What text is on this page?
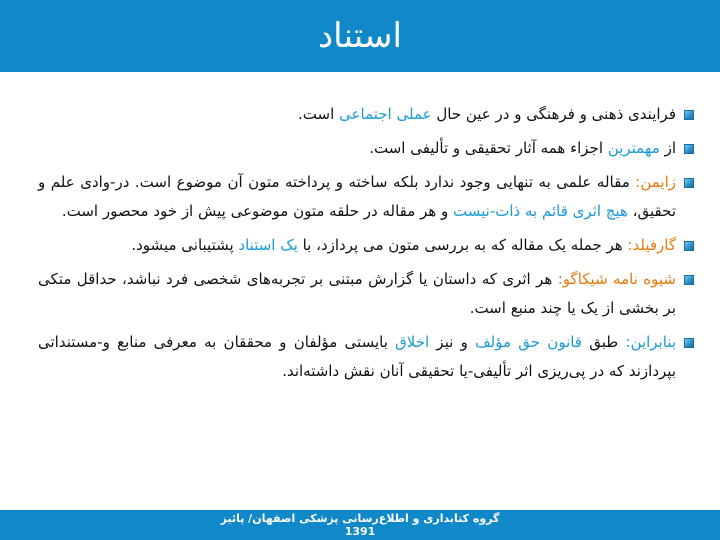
استناد
فرایندی ذهنی و فرهنگی و در عین حال عملی اجتماعی است.
از مهمترین اجزاء همه آثار تحقیقی و تألیفی است.
زایمن: مقاله علمی به تنهایی وجود ندارد بلکه ساخته و پرداخته متون آن موضوع است. در-وادی علم و تحقیق، هیچ اثری قائم به ذات-نیست و هر مقاله در حلقه متون موضوعی پیش از خود محصور است.
گارفیلد: هر جمله یک مقاله که به بررسی متون می پردازد، با یک استناد پشتیبانی میشود.
شیوه نامه شیکاگو: هر اثری که داستان یا گزارش مبتنی بر تجربه‌های شخصی فرد نباشد، حداقل متکی بر بخشی از یک یا چند منبع است.
بنابراین: طبق قانون حق مؤلف و نیز اخلاق بایستی مؤلفان و محققان به معرفی منابع و-مستنداتی بپردازند که در پی‌ریزی اثر تألیفی-یا تحقیقی آنان نقش داشته‌اند.
گروه کتابداری و اطلاع‌رسانی پزشکی اصفهان/ پائیز
1391
